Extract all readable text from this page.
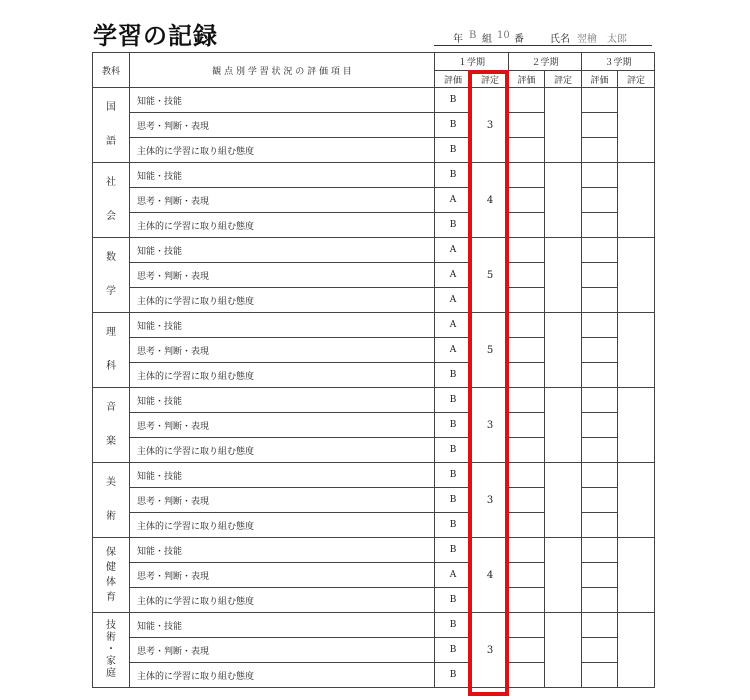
学習の記録	年 B 組 10 番	氏名 翌檜　太郎
教科	観 点 別 学 習 状 況 の 評 価 項 目	１学期		２学期		３学期	
		評価	評定	評価	評定	評価	評定

国
語	知能・技能	B	3				
	思考・判断・表現	B					
	主体的に学習に取り組む態度	B					

社
会	知能・技能	B	4				
	思考・判断・表現	A					
	主体的に学習に取り組む態度	B					

数
学	知能・技能	A	5				
	思考・判断・表現	A					
	主体的に学習に取り組む態度	A					

理
科	知能・技能	A	5				
	思考・判断・表現	A					
	主体的に学習に取り組む態度	B					

音
楽	知能・技能	B	3				
	思考・判断・表現	B					
	主体的に学習に取り組む態度	B					

美
術	知能・技能	B	3				
	思考・判断・表現	B					
	主体的に学習に取り組む態度	B					

保
健
体
育	知能・技能	B	4				
	思考・判断・表現	A					
	主体的に学習に取り組む態度	B					

技
術
・
家
庭	知能・技能	B	3				
	思考・判断・表現	B					
	主体的に学習に取り組む態度	B					
